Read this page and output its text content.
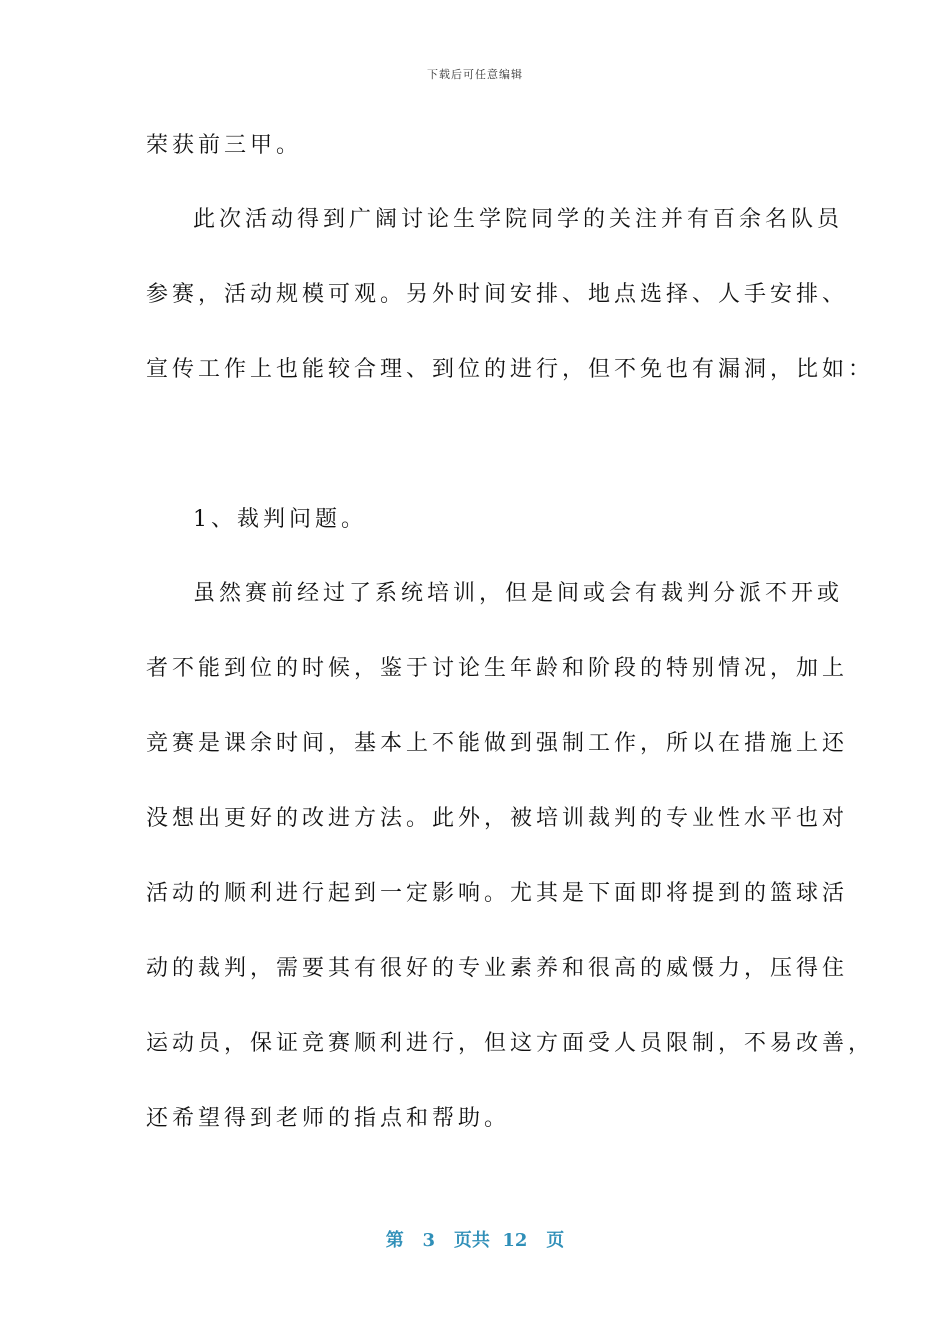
下载后可任意编辑
荣获前三甲。
此次活动得到广阔讨论生学院同学的关注并有百余名队员
参赛，活动规模可观。另外时间安排、地点选择、人手安排、
宣传工作上也能较合理、到位的进行，但不免也有漏洞，比如：
1、裁判问题。
虽然赛前经过了系统培训，但是间或会有裁判分派不开或
者不能到位的时候，鉴于讨论生年龄和阶段的特别情况，加上
竞赛是课余时间，基本上不能做到强制工作，所以在措施上还
没想出更好的改进方法。此外，被培训裁判的专业性水平也对
活动的顺利进行起到一定影响。尤其是下面即将提到的篮球活
动的裁判，需要其有很好的专业素养和很高的威慑力，压得住
运动员，保证竞赛顺利进行，但这方面受人员限制，不易改善，
还希望得到老师的指点和帮助。
第 3 页共 12 页
